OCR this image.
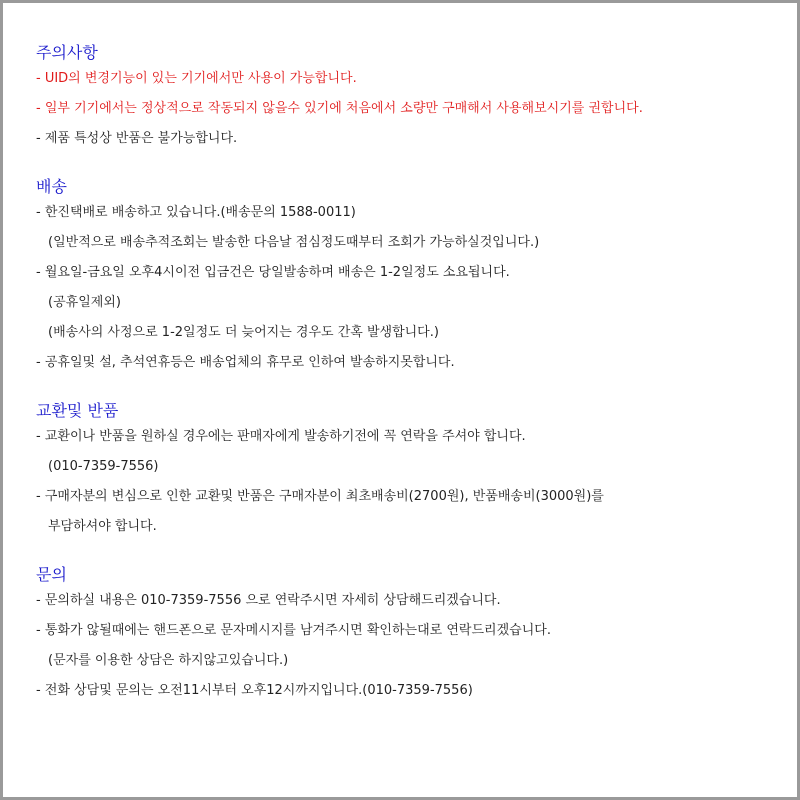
주의사항
- UID의 변경기능이 있는 기기에서만 사용이 가능합니다.
- 일부 기기에서는 정상적으로 작동되지 않을수 있기에 처음에서 소량만 구매해서 사용해보시기를 권합니다.
- 제품 특성상 반품은 불가능합니다.
배송
- 한진택배로 배송하고 있습니다.(배송문의 1588-0011)
(일반적으로 배송추적조회는 발송한 다음날 점심정도때부터 조회가 가능하실것입니다.)
- 월요일-금요일 오후4시이전 입금건은 당일발송하며 배송은 1-2일정도 소요됩니다.
(공휴일제외)
(배송사의 사정으로 1-2일정도 더 늦어지는 경우도 간혹 발생합니다.)
- 공휴일및 설, 추석연휴등은 배송업체의 휴무로 인하여 발송하지못합니다.
교환및 반품
- 교환이나 반품을 원하실 경우에는 판매자에게 발송하기전에 꼭 연락을 주셔야 합니다.
(010-7359-7556)
- 구매자분의 변심으로 인한 교환및 반품은 구매자분이 최초배송비(2700원), 반품배송비(3000원)를
부담하셔야 합니다.
문의
- 문의하실 내용은 010-7359-7556 으로 연락주시면 자세히 상담해드리겠습니다.
- 통화가 않될때에는 핸드폰으로 문자메시지를 남겨주시면 확인하는대로 연락드리겠습니다.
(문자를 이용한 상담은 하지않고있습니다.)
- 전화 상담및 문의는 오전11시부터 오후12시까지입니다.(010-7359-7556)
